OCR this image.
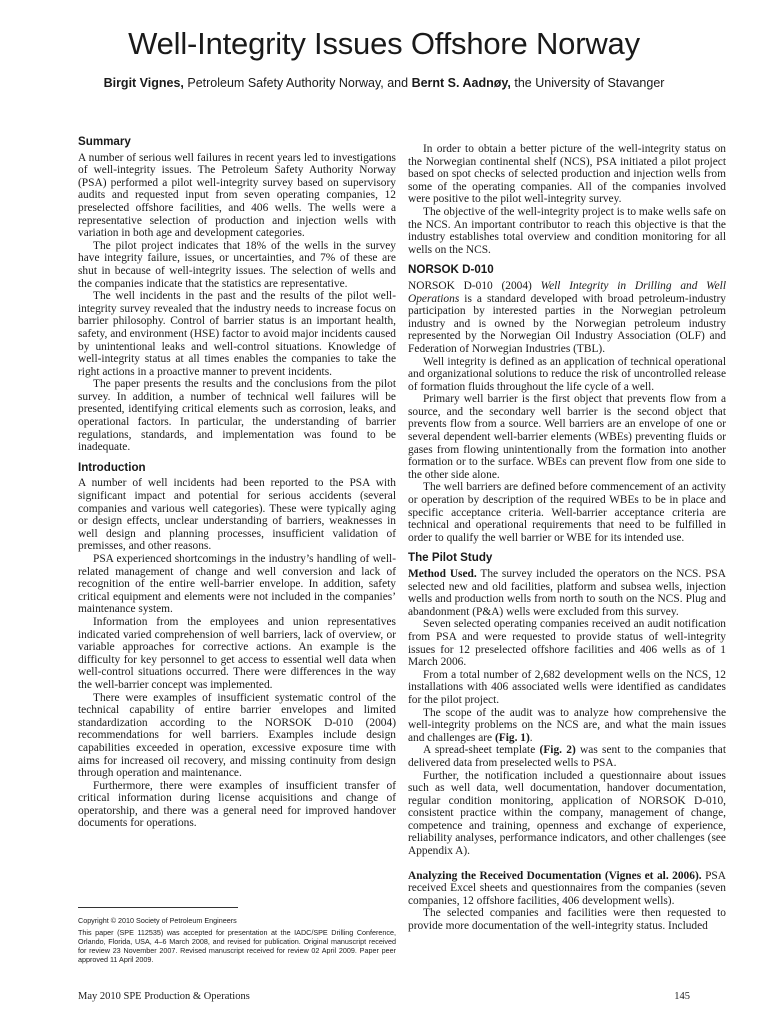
Well-Integrity Issues Offshore Norway
Birgit Vignes, Petroleum Safety Authority Norway, and Bernt S. Aadnøy, the University of Stavanger
Summary

A number of serious well failures in recent years led to investigations of well-integrity issues. The Petroleum Safety Authority Norway (PSA) performed a pilot well-integrity survey based on supervisory audits and requested input from seven operating companies, 12 preselected offshore facilities, and 406 wells. The wells were a representative selection of production and injection wells with variation in both age and development categories.

The pilot project indicates that 18% of the wells in the survey have integrity failure, issues, or uncertainties, and 7% of these are shut in because of well-integrity issues. The selection of wells and the companies indicate that the statistics are representative.

The well incidents in the past and the results of the pilot well-integrity survey revealed that the industry needs to increase focus on barrier philosophy. Control of barrier status is an important health, safety, and environment (HSE) factor to avoid major incidents caused by unintentional leaks and well-control situations. Knowledge of well-integrity status at all times enables the companies to take the right actions in a proactive manner to prevent incidents.

The paper presents the results and the conclusions from the pilot survey. In addition, a number of technical well failures will be presented, identifying critical elements such as corrosion, leaks, and operational factors. In particular, the understanding of barrier regulations, standards, and implementation was found to be inadequate.

Introduction

A number of well incidents had been reported to the PSA with significant impact and potential for serious accidents (several companies and various well categories). These were typically aging or design effects, unclear understanding of barriers, weaknesses in well design and planning processes, insufficient validation of premisses, and other reasons.

PSA experienced shortcomings in the industry’s handling of well-related management of change and well conversion and lack of recognition of the entire well-barrier envelope. In addition, safety critical equipment and elements were not included in the companies’ maintenance system.

Information from the employees and union representatives indicated varied comprehension of well barriers, lack of overview, or variable approaches for corrective actions. An example is the difficulty for key personnel to get access to essential well data when well-control situations occurred. There were differences in the way the well-barrier concept was implemented.

There were examples of insufficient systematic control of the technical capability of entire barrier envelopes and limited standardization according to the NORSOK D-010 (2004) recommendations for well barriers. Examples include design capabilities exceeded in operation, excessive exposure time with aims for increased oil recovery, and missing continuity from design through operation and maintenance.

Furthermore, there were examples of insufficient transfer of critical information during license acquisitions and change of operatorship, and there was a general need for improved handover documents for operations.

In order to obtain a better picture of the well-integrity status on the Norwegian continental shelf (NCS), PSA initiated a pilot project based on spot checks of selected production and injection wells from some of the operating companies. All of the companies involved were positive to the pilot well-integrity survey.

The objective of the well-integrity project is to make wells safe on the NCS. An important contributor to reach this objective is that the industry establishes total overview and condition monitoring for all wells on the NCS.

NORSOK D-010

NORSOK D-010 (2004) Well Integrity in Drilling and Well Operations is a standard developed with broad petroleum-industry participation by interested parties in the Norwegian petroleum industry and is owned by the Norwegian petroleum industry represented by the Norwegian Oil Industry Association (OLF) and Federation of Norwegian Industries (TBL).

Well integrity is defined as an application of technical operational and organizational solutions to reduce the risk of uncontrolled release of formation fluids throughout the life cycle of a well.

Primary well barrier is the first object that prevents flow from a source, and the secondary well barrier is the second object that prevents flow from a source. Well barriers are an envelope of one or several dependent well-barrier elements (WBEs) preventing fluids or gases from flowing unintentionally from the formation into another formation or to the surface. WBEs can prevent flow from one side to the other side alone.

The well barriers are defined before commencement of an activity or operation by description of the required WBEs to be in place and specific acceptance criteria. Well-barrier acceptance criteria are technical and operational requirements that need to be fulfilled in order to qualify the well barrier or WBE for its intended use.

The Pilot Study

Method Used. The survey included the operators on the NCS. PSA selected new and old facilities, platform and subsea wells, injection wells and production wells from north to south on the NCS. Plug and abandonment (P&A) wells were excluded from this survey.

Seven selected operating companies received an audit notification from PSA and were requested to provide status of well-integrity issues for 12 preselected offshore facilities and 406 wells as of 1 March 2006.

From a total number of 2,682 development wells on the NCS, 12 installations with 406 associated wells were identified as candidates for the pilot project.

The scope of the audit was to analyze how comprehensive the well-integrity problems on the NCS are, and what the main issues and challenges are (Fig. 1).

A spread-sheet template (Fig. 2) was sent to the companies that delivered data from preselected wells to PSA.

Further, the notification included a questionnaire about issues such as well data, well documentation, handover documentation, regular condition monitoring, application of NORSOK D-010, consistent practice within the company, management of change, competence and training, openness and exchange of experience, reliability analyses, performance indicators, and other challenges (see Appendix A).

Analyzing the Received Documentation (Vignes et al. 2006). PSA received Excel sheets and questionnaires from the companies (seven companies, 12 offshore facilities, 406 development wells).

The selected companies and facilities were then requested to provide more documentation of the well-integrity status. Included

Copyright © 2010 Society of Petroleum Engineers

This paper (SPE 112535) was accepted for presentation at the IADC/SPE Drilling Conference, Orlando, Florida, USA, 4–6 March 2008, and revised for publication. Original manuscript received for review 23 November 2007. Revised manuscript received for review 02 April 2009. Paper peer approved 11 April 2009.

May 2010 SPE Production & Operations	145
